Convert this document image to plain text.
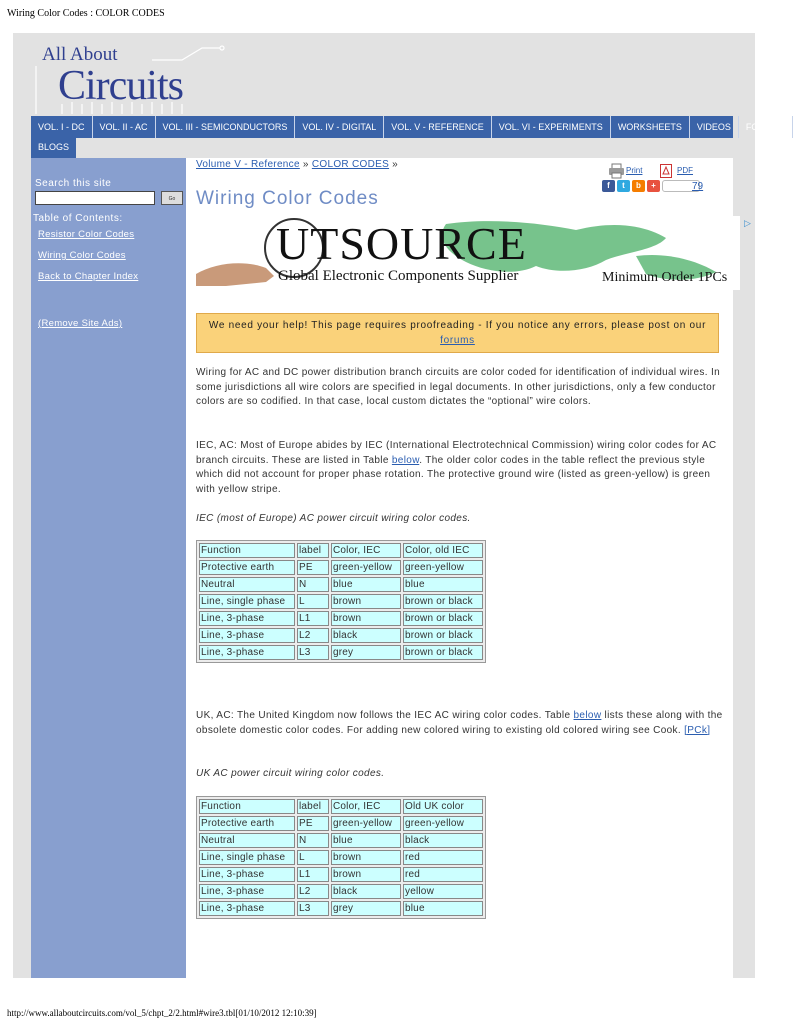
Wiring Color Codes : COLOR CODES
All About
Circuits
VOL. I - DC	VOL. II - AC	VOL. III - SEMICONDUCTORS	VOL. IV - DIGITAL	VOL. V - REFERENCE	VOL. VI - EXPERIMENTS	WORKSHEETS	VIDEOS	FORUMS
BLOGS
Search this site
Go
Table of Contents:
Resistor Color Codes
Wiring Color Codes
Back to Chapter Index
(Remove Site Ads)
Volume V - Reference » COLOR CODES »
Print	PDF
f	t	b	+	79
Wiring Color Codes
We need your help! This page requires proofreading - If you notice any errors, please post on our forums
Wiring for AC and DC power distribution branch circuits are color coded for identification of individual wires. In some jurisdictions all wire colors are specified in legal documents. In other jurisdictions, only a few conductor colors are so codified. In that case, local custom dictates the “optional” wire colors.
IEC, AC: Most of Europe abides by IEC (International Electrotechnical Commission) wiring color codes for AC branch circuits. These are listed in Table below. The older color codes in the table reflect the previous style which did not account for proper phase rotation. The protective ground wire (listed as green-yellow) is green with yellow stripe.
IEC (most of Europe) AC power circuit wiring color codes.
Function	label	Color, IEC	Color, old IEC
Protective earth	PE	green-yellow	green-yellow
Neutral	N	blue	blue
Line, single phase	L	brown	brown or black
Line, 3-phase	L1	brown	brown or black
Line, 3-phase	L2	black	brown or black
Line, 3-phase	L3	grey	brown or black
UK, AC: The United Kingdom now follows the IEC AC wiring color codes. Table below lists these along with the obsolete domestic color codes. For adding new colored wiring to existing old colored wiring see Cook. [PCk]
UK AC power circuit wiring color codes.
Function	label	Color, IEC	Old UK color
Protective earth	PE	green-yellow	green-yellow
Neutral	N	blue	black
Line, single phase	L	brown	red
Line, 3-phase	L1	brown	red
Line, 3-phase	L2	black	yellow
Line, 3-phase	L3	grey	blue
UTSOURCE
Global Electronic Components Supplier	Minimum Order 1PCs
▷
http://www.allaboutcircuits.com/vol_5/chpt_2/2.html#wire3.tbl[01/10/2012 12:10:39]
